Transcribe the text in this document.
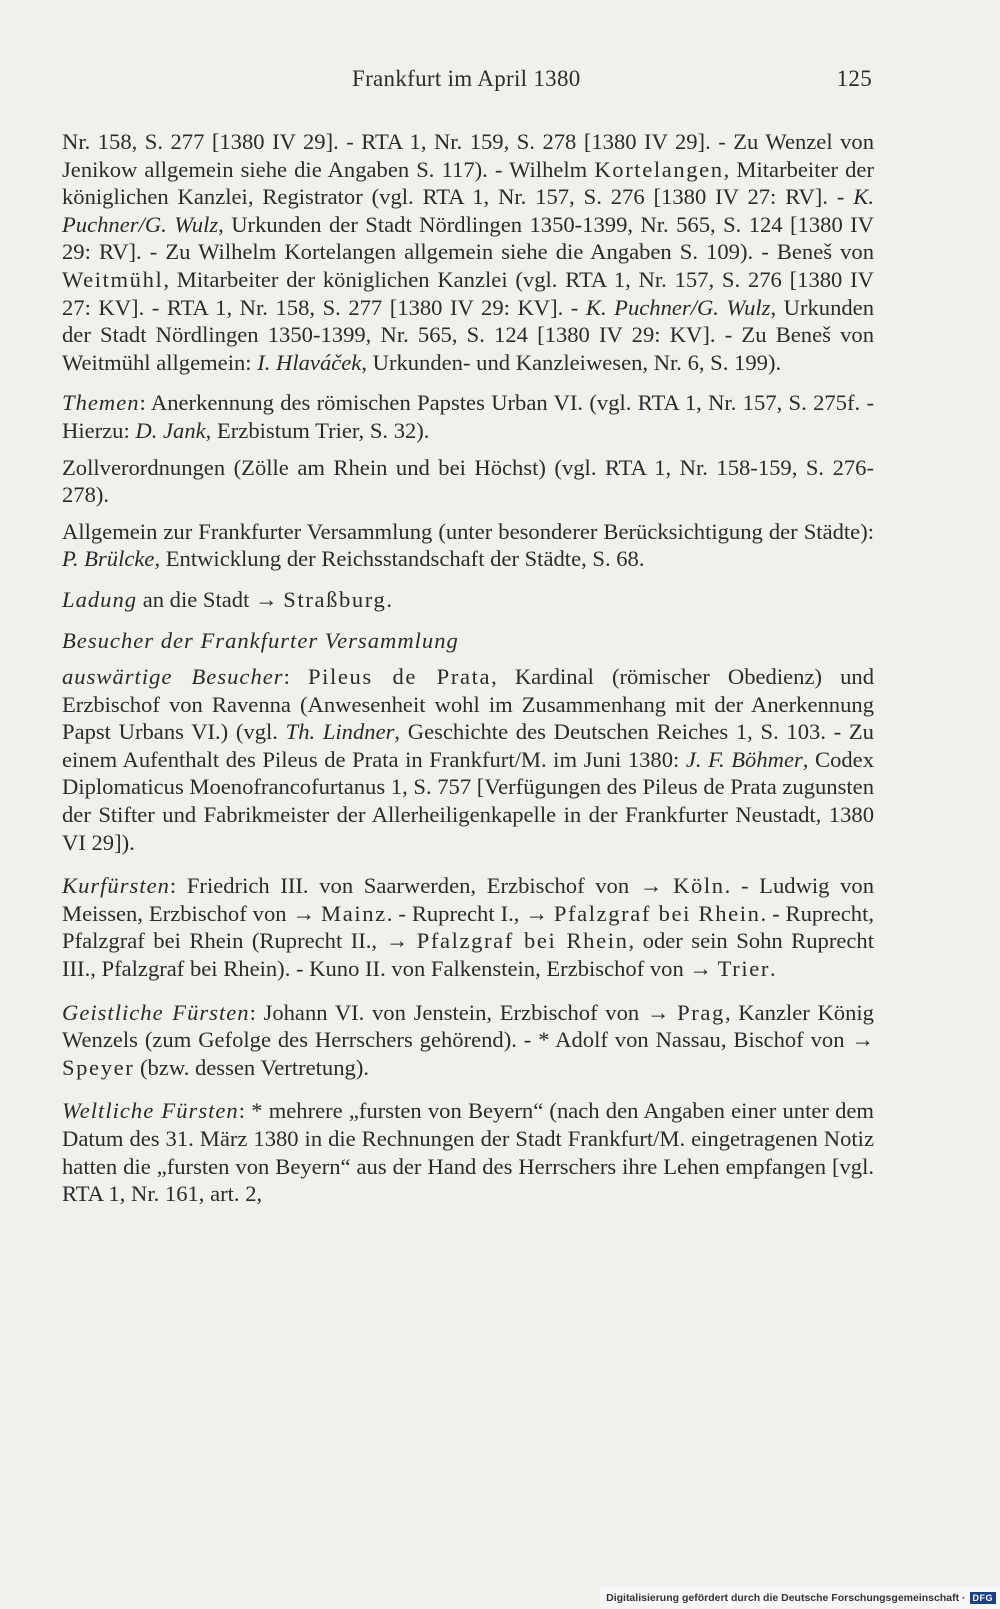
Frankfurt im April 1380	125

Nr. 158, S. 277 [1380 IV 29]. - RTA 1, Nr. 159, S. 278 [1380 IV 29]. - Zu Wenzel von Jenikow allgemein siehe die Angaben S. 117). - Wilhelm Kortelangen, Mitarbeiter der königlichen Kanzlei, Registrator (vgl. RTA 1, Nr. 157, S. 276 [1380 IV 27: RV]. - K. Puchner/G. Wulz, Urkunden der Stadt Nördlingen 1350-1399, Nr. 565, S. 124 [1380 IV 29: RV]. - Zu Wilhelm Kortelangen allgemein siehe die Angaben S. 109). - Beneš von Weitmühl, Mitarbeiter der königlichen Kanzlei (vgl. RTA 1, Nr. 157, S. 276 [1380 IV 27: KV]. - RTA 1, Nr. 158, S. 277 [1380 IV 29: KV]. - K. Puchner/G. Wulz, Urkunden der Stadt Nördlingen 1350-1399, Nr. 565, S. 124 [1380 IV 29: KV]. - Zu Beneš von Weitmühl allgemein: I. Hlaváček, Urkunden- und Kanzleiwesen, Nr. 6, S. 199).

Themen: Anerkennung des römischen Papstes Urban VI. (vgl. RTA 1, Nr. 157, S. 275f. - Hierzu: D. Jank, Erzbistum Trier, S. 32).

Zollverordnungen (Zölle am Rhein und bei Höchst) (vgl. RTA 1, Nr. 158-159, S. 276-278).

Allgemein zur Frankfurter Versammlung (unter besonderer Berücksichtigung der Städte): P. Brülcke, Entwicklung der Reichsstandschaft der Städte, S. 68.

Ladung an die Stadt → Straßburg.

Besucher der Frankfurter Versammlung

auswärtige Besucher: Pileus de Prata, Kardinal (römischer Obedienz) und Erzbischof von Ravenna (Anwesenheit wohl im Zusammenhang mit der Anerkennung Papst Urbans VI.) (vgl. Th. Lindner, Geschichte des Deutschen Reiches 1, S. 103. - Zu einem Aufenthalt des Pileus de Prata in Frankfurt/M. im Juni 1380: J. F. Böhmer, Codex Diplomaticus Moenofrancofurtanus 1, S. 757 [Verfügungen des Pileus de Prata zugunsten der Stifter und Fabrikmeister der Allerheiligenkapelle in der Frankfurter Neustadt, 1380 VI 29]).

Kurfürsten: Friedrich III. von Saarwerden, Erzbischof von → Köln. - Ludwig von Meissen, Erzbischof von → Mainz. - Ruprecht I., → Pfalzgraf bei Rhein. - Ruprecht, Pfalzgraf bei Rhein (Ruprecht II., → Pfalzgraf bei Rhein, oder sein Sohn Ruprecht III., Pfalzgraf bei Rhein). - Kuno II. von Falkenstein, Erzbischof von → Trier.

Geistliche Fürsten: Johann VI. von Jenstein, Erzbischof von → Prag, Kanzler König Wenzels (zum Gefolge des Herrschers gehörend). - * Adolf von Nassau, Bischof von → Speyer (bzw. dessen Vertretung).

Weltliche Fürsten: * mehrere „fursten von Beyern“ (nach den Angaben einer unter dem Datum des 31. März 1380 in die Rechnungen der Stadt Frankfurt/M. eingetragenen Notiz hatten die „fursten von Beyern“ aus der Hand des Herrschers ihre Lehen empfangen [vgl. RTA 1, Nr. 161, art. 2,

Digitalisierung gefördert durch die Deutsche Forschungsgemeinschaft · DFG
